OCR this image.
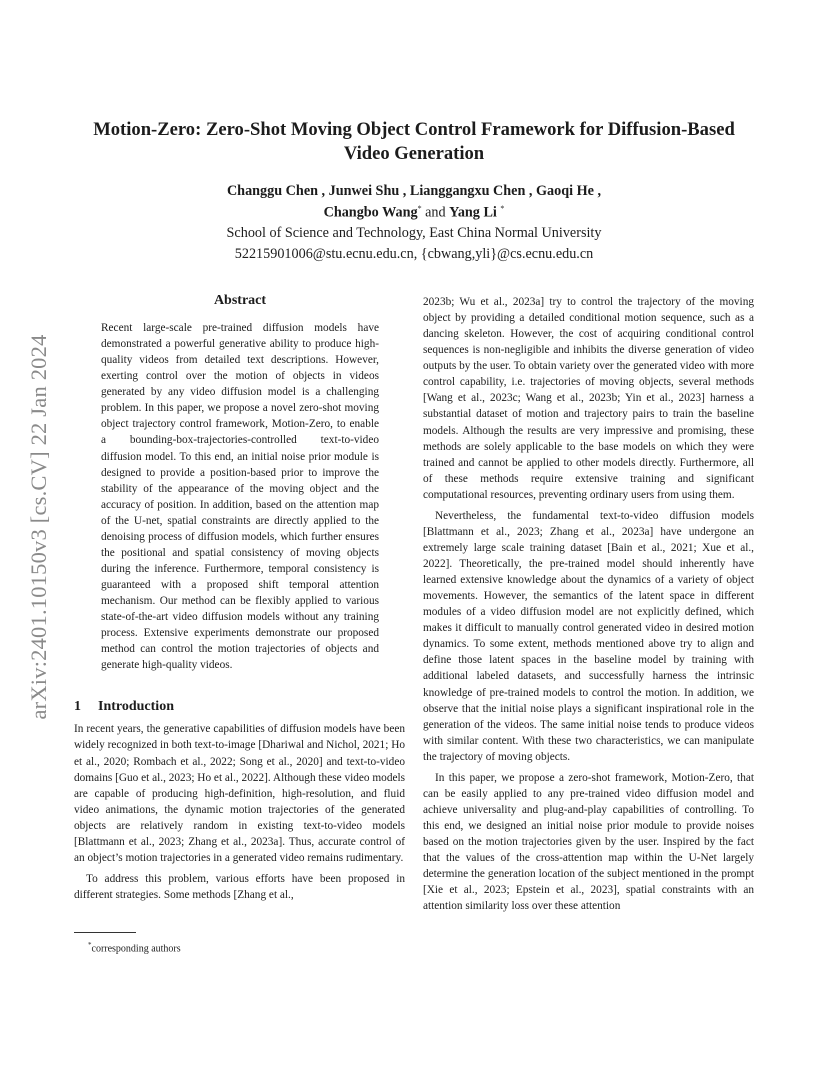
arXiv:2401.10150v3 [cs.CV] 22 Jan 2024
Motion-Zero: Zero-Shot Moving Object Control Framework for Diffusion-Based
Video Generation
Changgu Chen , Junwei Shu , Lianggangxu Chen , Gaoqi He ,
Changbo Wang* and Yang Li *
School of Science and Technology, East China Normal University
52215901006@stu.ecnu.edu.cn, {cbwang,yli}@cs.ecnu.edu.cn
Abstract

Recent large-scale pre-trained diffusion models have demonstrated a powerful generative ability to produce high-quality videos from detailed text descriptions. However, exerting control over the motion of objects in videos generated by any video diffusion model is a challenging problem. In this paper, we propose a novel zero-shot moving object trajectory control framework, Motion-Zero, to enable a bounding-box-trajectories-controlled text-to-video diffusion model. To this end, an initial noise prior module is designed to provide a position-based prior to improve the stability of the appearance of the moving object and the accuracy of position. In addition, based on the attention map of the U-net, spatial constraints are directly applied to the denoising process of diffusion models, which further ensures the positional and spatial consistency of moving objects during the inference. Furthermore, temporal consistency is guaranteed with a proposed shift temporal attention mechanism. Our method can be flexibly applied to various state-of-the-art video diffusion models without any training process. Extensive experiments demonstrate our proposed method can control the motion trajectories of objects and generate high-quality videos.

1 Introduction

In recent years, the generative capabilities of diffusion models have been widely recognized in both text-to-image [Dhariwal and Nichol, 2021; Ho et al., 2020; Rombach et al., 2022; Song et al., 2020] and text-to-video domains [Guo et al., 2023; Ho et al., 2022]. Although these video models are capable of producing high-definition, high-resolution, and fluid video animations, the dynamic motion trajectories of the generated objects are relatively random in existing text-to-video models [Blattmann et al., 2023; Zhang et al., 2023a]. Thus, accurate control of an object’s motion trajectories in a generated video remains rudimentary.

To address this problem, various efforts have been proposed in different strategies. Some methods [Zhang et al.,

2023b; Wu et al., 2023a] try to control the trajectory of the moving object by providing a detailed conditional motion sequence, such as a dancing skeleton. However, the cost of acquiring conditional control sequences is non-negligible and inhibits the diverse generation of video outputs by the user. To obtain variety over the generated video with more control capability, i.e. trajectories of moving objects, several methods [Wang et al., 2023c; Wang et al., 2023b; Yin et al., 2023] harness a substantial dataset of motion and trajectory pairs to train the baseline models. Although the results are very impressive and promising, these methods are solely applicable to the base models on which they were trained and cannot be applied to other models directly. Furthermore, all of these methods require extensive training and significant computational resources, preventing ordinary users from using them.

Nevertheless, the fundamental text-to-video diffusion models [Blattmann et al., 2023; Zhang et al., 2023a] have undergone an extremely large scale training dataset [Bain et al., 2021; Xue et al., 2022]. Theoretically, the pre-trained model should inherently have learned extensive knowledge about the dynamics of a variety of object movements. However, the semantics of the latent space in different modules of a video diffusion model are not explicitly defined, which makes it difficult to manually control generated video in desired motion dynamics. To some extent, methods mentioned above try to align and define those latent spaces in the baseline model by training with additional labeled datasets, and successfully harness the intrinsic knowledge of pre-trained models to control the motion. In addition, we observe that the initial noise plays a significant inspirational role in the generation of the videos. The same initial noise tends to produce videos with similar content. With these two characteristics, we can manipulate the trajectory of moving objects.

In this paper, we propose a zero-shot framework, Motion-Zero, that can be easily applied to any pre-trained video diffusion model and achieve universality and plug-and-play capabilities of controlling. To this end, we designed an initial noise prior module to provide noises based on the motion trajectories given by the user. Inspired by the fact that the values of the cross-attention map within the U-Net largely determine the generation location of the subject mentioned in the prompt [Xie et al., 2023; Epstein et al., 2023], spatial constraints with an attention similarity loss over these attention

*corresponding authors
